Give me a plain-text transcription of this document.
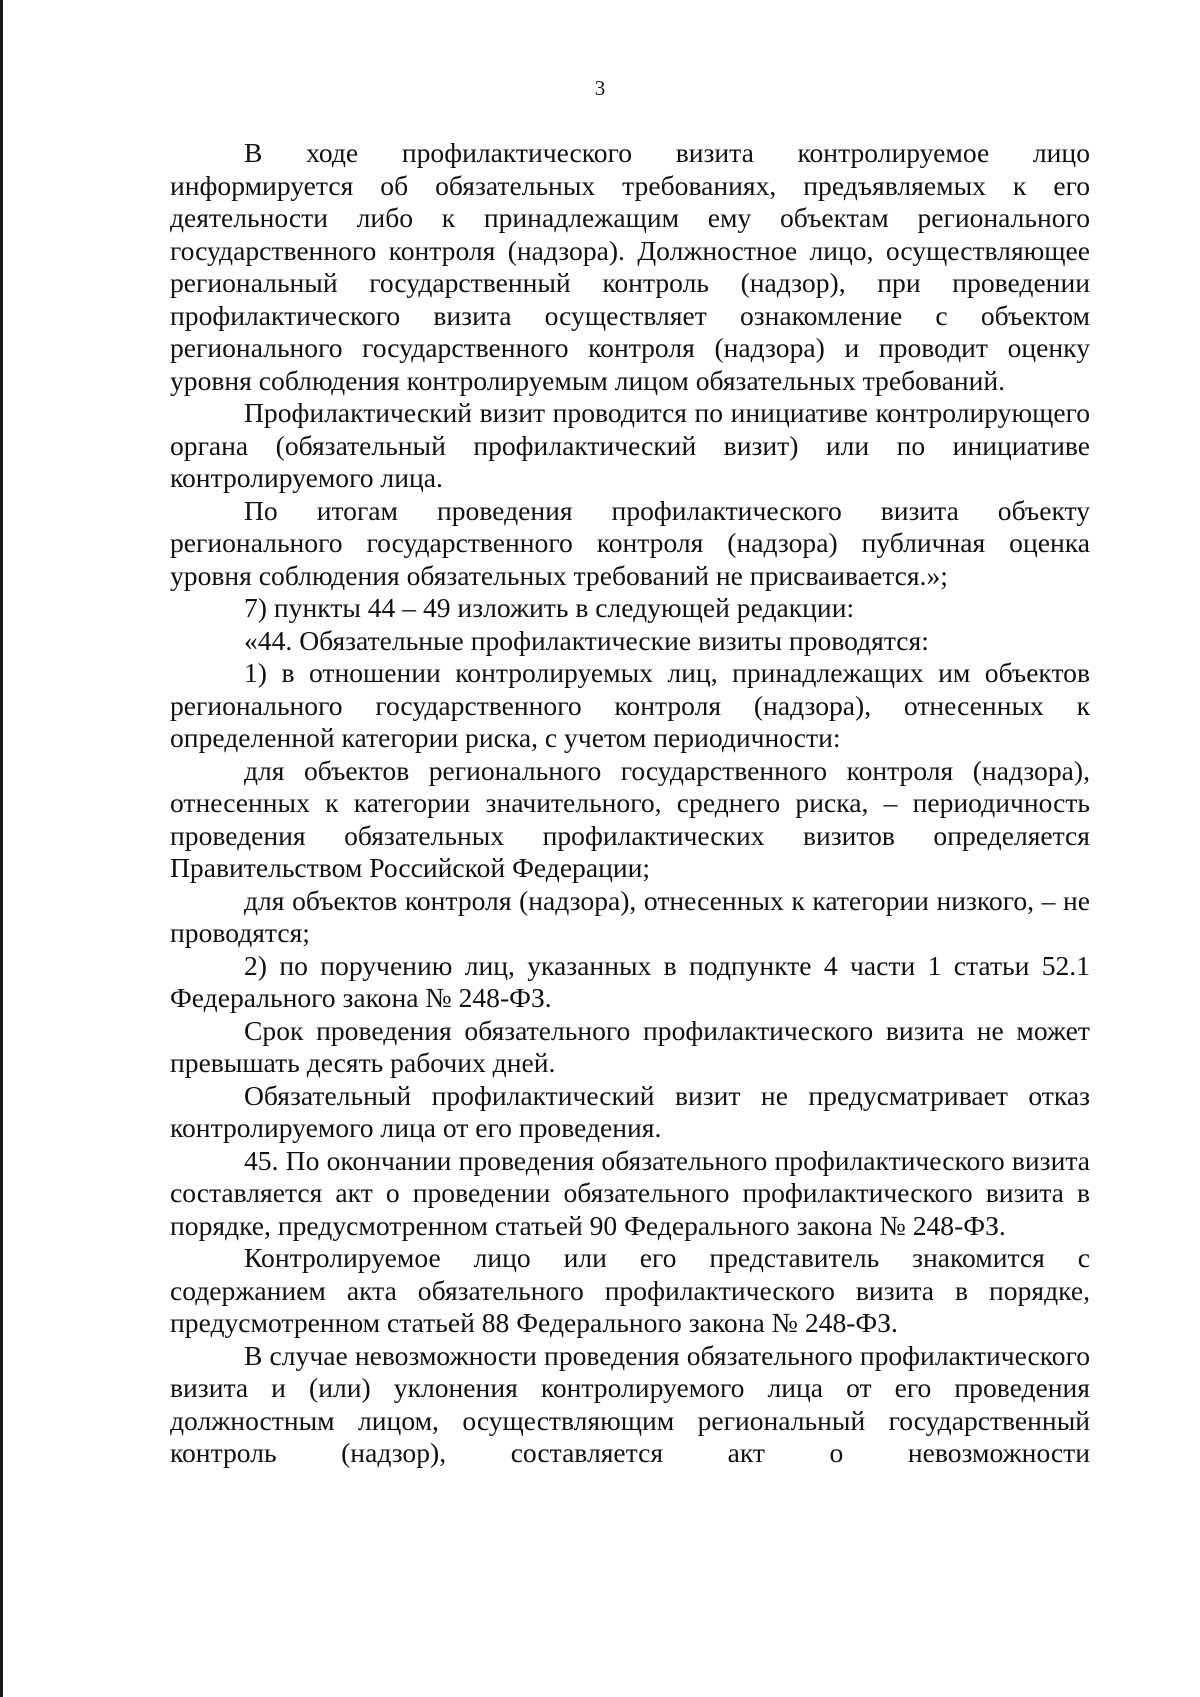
3

В ходе профилактического визита контролируемое лицо информируется об обязательных требованиях, предъявляемых к его деятельности либо к принадлежащим ему объектам регионального государственного контроля (надзора). Должностное лицо, осуществляющее региональный государственный контроль (надзор), при проведении профилактического визита осуществляет ознакомление с объектом регионального государственного контроля (надзора) и проводит оценку уровня соблюдения контролируемым лицом обязательных требований.

Профилактический визит проводится по инициативе контролирующего органа (обязательный профилактический визит) или по инициативе контролируемого лица.

По итогам проведения профилактического визита объекту регионального государственного контроля (надзора) публичная оценка уровня соблюдения обязательных требований не присваивается.»;

7) пункты 44 – 49 изложить в следующей редакции:

«44. Обязательные профилактические визиты проводятся:

1) в отношении контролируемых лиц, принадлежащих им объектов регионального государственного контроля (надзора), отнесенных к определенной категории риска, с учетом периодичности:

для объектов регионального государственного контроля (надзора), отнесенных к категории значительного, среднего риска, – периодичность проведения обязательных профилактических визитов определяется Правительством Российской Федерации;

для объектов контроля (надзора), отнесенных к категории низкого, – не проводятся;

2) по поручению лиц, указанных в подпункте 4 части 1 статьи 52.1 Федерального закона № 248-ФЗ.

Срок проведения обязательного профилактического визита не может превышать десять рабочих дней.

Обязательный профилактический визит не предусматривает отказ контролируемого лица от его проведения.

45. По окончании проведения обязательного профилактического визита составляется акт о проведении обязательного профилактического визита в порядке, предусмотренном статьей 90 Федерального закона № 248-ФЗ.

Контролируемое лицо или его представитель знакомится с содержанием акта обязательного профилактического визита в порядке, предусмотренном статьей 88 Федерального закона № 248-ФЗ.

В случае невозможности проведения обязательного профилактического визита и (или) уклонения контролируемого лица от его проведения должностным лицом, осуществляющим региональный государственный контроль (надзор), составляется акт о невозможности
